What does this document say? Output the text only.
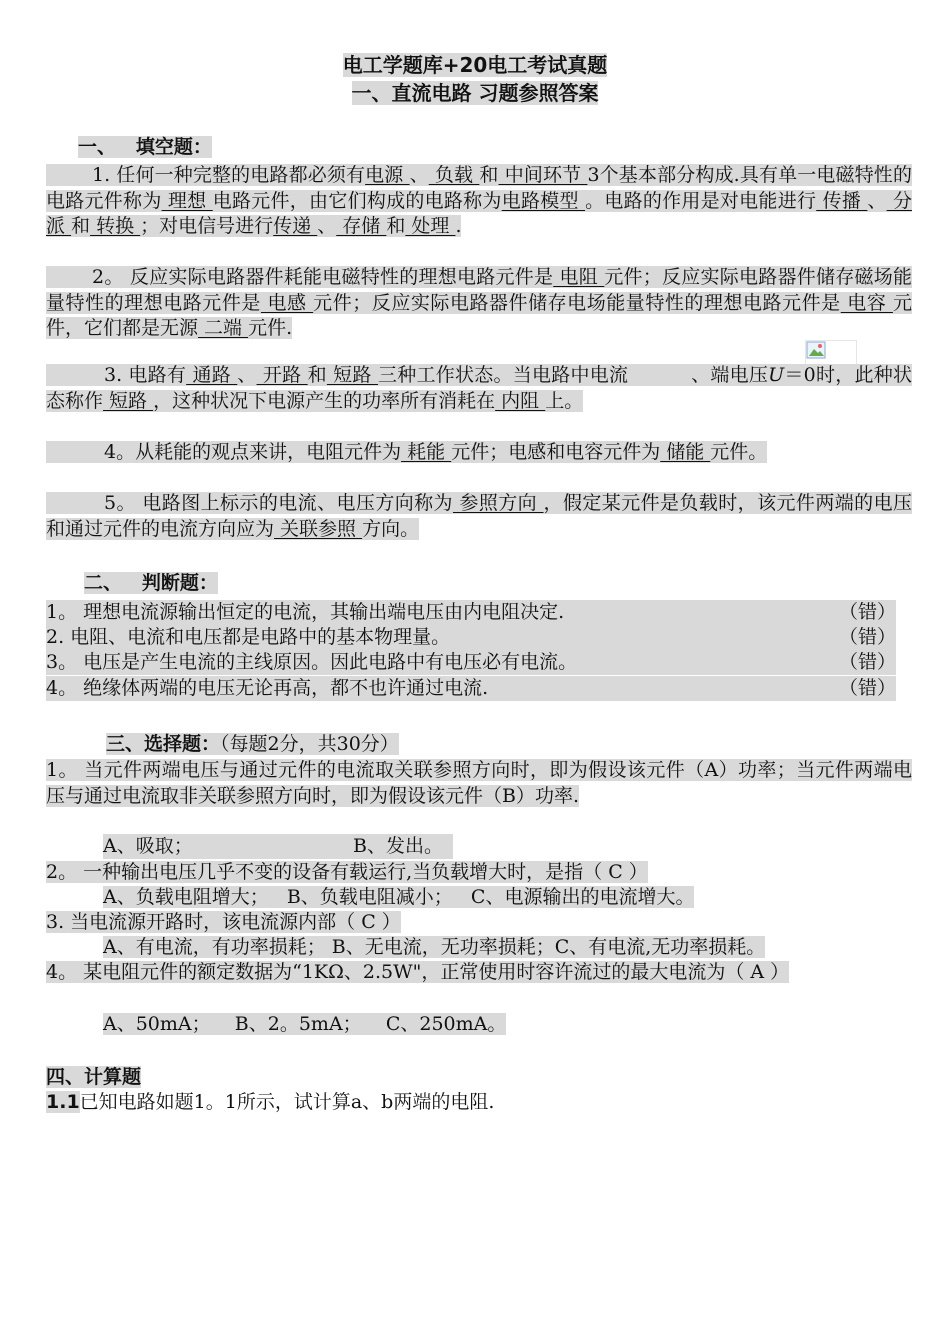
电工学题库+20电工考试真题
一、直流电路 习题参照答案
一、   填空题：
1. 任何一种完整的电路都必须有电源 、 负载 和 中间环节 3个基本部分构成.具有单一电磁特性的电路元件称为 理想 电路元件，由它们构成的电路称为电路模型 。电路的作用是对电能进行 传播 、 分派 和 转换 ；对电信号进行传递 、 存储 和 处理 .
2。 反应实际电路器件耗能电磁特性的理想电路元件是 电阻 元件；反应实际电路器件储存磁场能量特性的理想电路元件是 电感 元件；反应实际电路器件储存电场能量特性的理想电路元件是 电容 元件，它们都是无源 二端 元件.
3. 电路有 通路 、 开路 和 短路 三种工作状态。当电路中电流          、端电压U＝0时，此种状态称作 短路 ，这种状况下电源产生的功率所有消耗在 内阻 上。
4。从耗能的观点来讲，电阻元件为 耗能 元件；电感和电容元件为 储能 元件。
5。 电路图上标示的电流、电压方向称为 参照方向 ，假定某元件是负载时，该元件两端的电压和通过元件的电流方向应为 关联参照 方向。
二、   判断题：
1。 理想电流源输出恒定的电流，其输出端电压由内电阻决定.	（错）
2. 电阻、电流和电压都是电路中的基本物理量。	（错）
3。 电压是产生电流的主线原因。因此电路中有电压必有电流。	（错）
4。 绝缘体两端的电压无论再高，都不也许通过电流.	（错）
三、选择题：（每题2分，共30分）
1。 当元件两端电压与通过元件的电流取关联参照方向时，即为假设该元件（A）功率；当元件两端电压与通过电流取非关联参照方向时，即为假设该元件（B）功率.
A、吸取；	B、发出。
2。 一种输出电压几乎不变的设备有载运行,当负载增大时，是指（ C ）
A、负载电阻增大；   B、负载电阻减小；   C、电源输出的电流增大。
3. 当电流源开路时，该电流源内部（ C ）
A、有电流，有功率损耗； B、无电流，无功率损耗；C、有电流,无功率损耗。
4。 某电阻元件的额定数据为“1KΩ、2.5W"，正常使用时容许流过的最大电流为（ A ）
A、50mA；    B、2。5mA；    C、250mA。
四、计算题
1.1已知电路如题1。1所示，试计算a、b两端的电阻.
